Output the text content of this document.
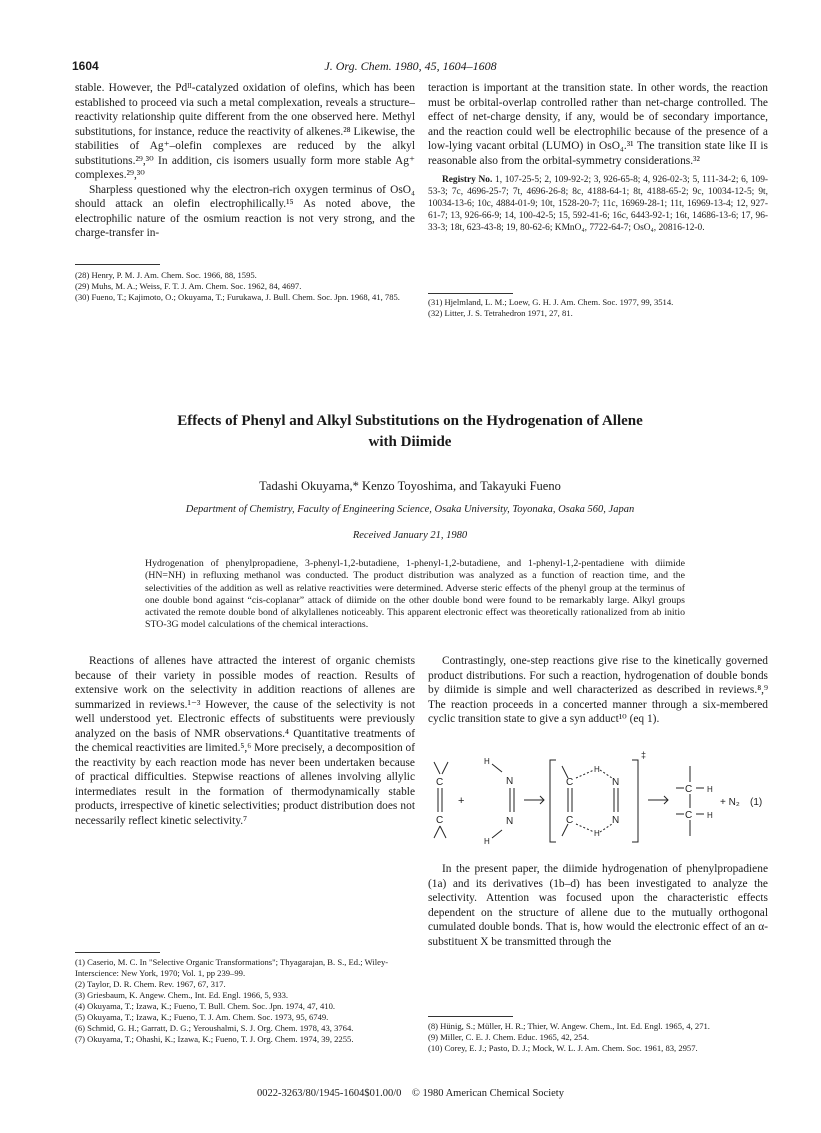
1604	J. Org. Chem. 1980, 45, 1604–1608

stable. However, the Pdᴵᴵ-catalyzed oxidation of olefins, which has been established to proceed via such a metal complexation, reveals a structure–reactivity relationship quite different from the one observed here. Methyl substitutions, for instance, reduce the reactivity of alkenes.²⁸ Likewise, the stabilities of Ag⁺–olefin complexes are reduced by the alkyl substitutions.²⁹,³⁰ In addition, cis isomers usually form more stable Ag⁺ complexes.²⁹,³⁰

Sharpless questioned why the electron-rich oxygen terminus of OsO₄ should attack an olefin electrophilically.¹⁵ As noted above, the electrophilic nature of the osmium reaction is not very strong, and the charge-transfer in-

(28) Henry, P. M. J. Am. Chem. Soc. 1966, 88, 1595.
(29) Muhs, M. A.; Weiss, F. T. J. Am. Chem. Soc. 1962, 84, 4697.
(30) Fueno, T.; Kajimoto, O.; Okuyama, T.; Furukawa, J. Bull. Chem. Soc. Jpn. 1968, 41, 785.

teraction is important at the transition state. In other words, the reaction must be orbital-overlap controlled rather than net-charge controlled. The effect of net-charge density, if any, would be of secondary importance, and the reaction could well be electrophilic because of the presence of a low-lying vacant orbital (LUMO) in OsO₄.³¹ The transition state like II is reasonable also from the orbital-symmetry considerations.³²

Registry No. 1, 107-25-5; 2, 109-92-2; 3, 926-65-8; 4, 926-02-3; 5, 111-34-2; 6, 109-53-3; 7c, 4696-25-7; 7t, 4696-26-8; 8c, 4188-64-1; 8t, 4188-65-2; 9c, 10034-12-5; 9t, 10034-13-6; 10c, 4884-01-9; 10t, 1528-20-7; 11c, 16969-28-1; 11t, 16969-13-4; 12, 927-61-7; 13, 926-66-9; 14, 100-42-5; 15, 592-41-6; 16c, 6443-92-1; 16t, 14686-13-6; 17, 96-33-3; 18t, 623-43-8; 19, 80-62-6; KMnO₄, 7722-64-7; OsO₄, 20816-12-0.

(31) Hjelmland, L. M.; Loew, G. H. J. Am. Chem. Soc. 1977, 99, 3514.
(32) Litter, J. S. Tetrahedron 1971, 27, 81.
Effects of Phenyl and Alkyl Substitutions on the Hydrogenation of Allene
with Diimide
Tadashi Okuyama,* Kenzo Toyoshima, and Takayuki Fueno
Department of Chemistry, Faculty of Engineering Science, Osaka University, Toyonaka, Osaka 560, Japan
Received January 21, 1980
Hydrogenation of phenylpropadiene, 3-phenyl-1,2-butadiene, 1-phenyl-1,2-butadiene, and 1-phenyl-1,2-pentadiene with diimide (HN=NH) in refluxing methanol was conducted. The product distribution was analyzed as a function of reaction time, and the selectivities of the addition as well as relative reactivities were determined. Adverse steric effects of the phenyl group at the terminus of one double bond against “cis-coplanar” attack of diimide on the other double bond were found to be remarkably large. Alkyl groups activated the remote double bond of alkylallenes noticeably. This apparent electronic effect was theoretically rationalized from ab initio STO-3G model calculations of the chemical interactions.

Reactions of allenes have attracted the interest of organic chemists because of their variety in possible modes of reaction. Results of extensive work on the selectivity in addition reactions of allenes are summarized in reviews.¹⁻³ However, the cause of the selectivity is not well understood yet. Electronic effects of substituents were previously analyzed on the basis of NMR observations.⁴ Quantitative treatments of the chemical reactivities are limited.⁵,⁶ More precisely, a decomposition of the reactivity by each reaction mode has never been undertaken because of practical difficulties. Stepwise reactions of allenes involving allylic intermediates result in the formation of thermodynamically stable products, irrespective of kinetic selectivities; product distribution does not necessarily reflect kinetic selectivity.⁷

(1) Caserio, M. C. In "Selective Organic Transformations"; Thyagarajan, B. S., Ed.; Wiley-Interscience: New York, 1970; Vol. 1, pp 239–99.
(2) Taylor, D. R. Chem. Rev. 1967, 67, 317.
(3) Griesbaum, K. Angew. Chem., Int. Ed. Engl. 1966, 5, 933.
(4) Okuyama, T.; Izawa, K.; Fueno, T. Bull. Chem. Soc. Jpn. 1974, 47, 410.
(5) Okuyama, T.; Izawa, K.; Fueno, T. J. Am. Chem. Soc. 1973, 95, 6749.
(6) Schmid, G. H.; Garratt, D. G.; Yeroushalmi, S. J. Org. Chem. 1978, 43, 3764.
(7) Okuyama, T.; Ohashi, K.; Izawa, K.; Fueno, T. J. Org. Chem. 1974, 39, 2255.

Contrastingly, one-step reactions give rise to the kinetically governed product distributions. For such a reaction, hydrogenation of double bonds by diimide is simple and well characterized as described in reviews.⁸,⁹ The reaction proceeds in a concerted manner through a six-membered cyclic transition state to give a syn adduct¹⁰ (eq 1).

C
C
+
H
N
N
H
C
C
N
N
H
H
‡
C
C
H
H
+ N₂ (1)

In the present paper, the diimide hydrogenation of phenylpropadiene (1a) and its derivatives (1b–d) has been investigated to analyze the selectivity. Attention was focused upon the characteristic effects dependent on the structure of allene due to the mutually orthogonal cumulated double bonds. That is, how would the electronic effect of an α-substituent X be transmitted through the

(8) Hünig, S.; Müller, H. R.; Thier, W. Angew. Chem., Int. Ed. Engl. 1965, 4, 271.
(9) Miller, C. E. J. Chem. Educ. 1965, 42, 254.
(10) Corey, E. J.; Pasto, D. J.; Mock, W. L. J. Am. Chem. Soc. 1961, 83, 2957.
0022-3263/80/1945-1604$01.00/0 © 1980 American Chemical Society
